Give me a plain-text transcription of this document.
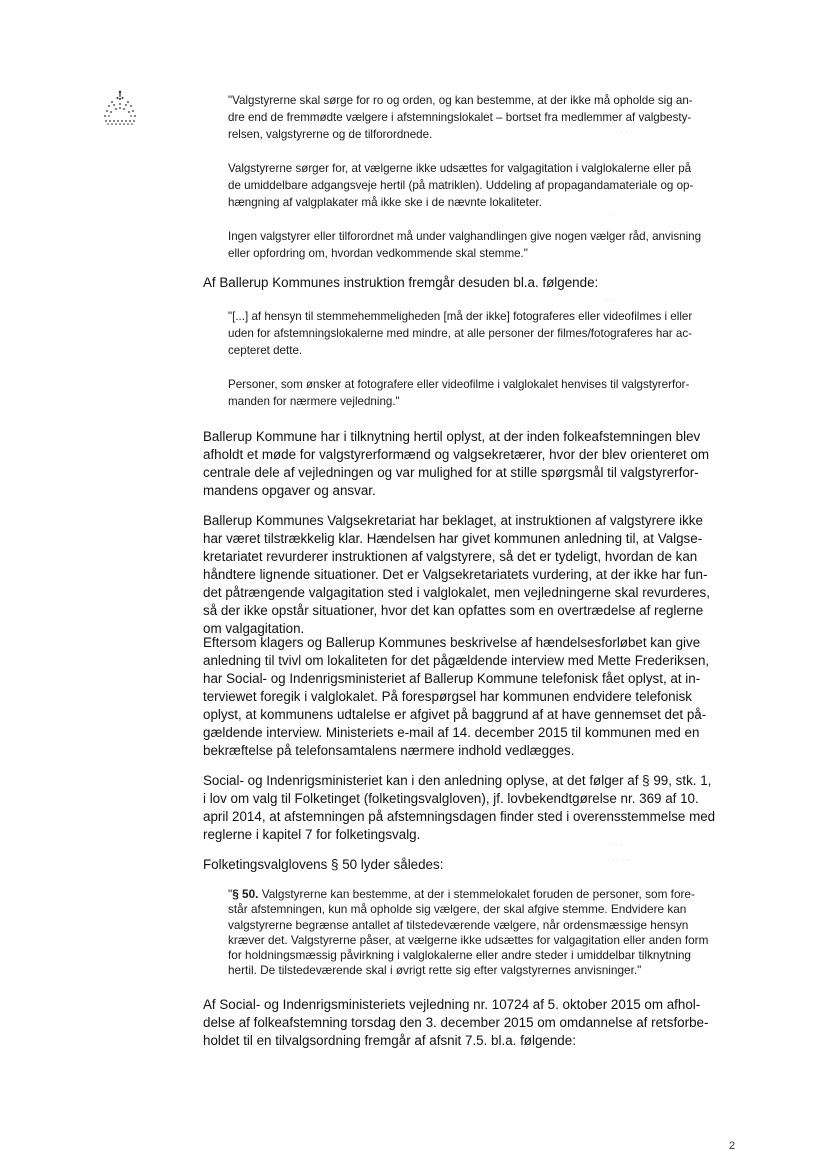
"Valgstyrerne skal sørge for ro og orden, og kan bestemme, at der ikke må opholde sig an-
dre end de fremmødte vælgere i afstemningslokalet – bortset fra medlemmer af valgbesty-
relsen, valgstyrerne og de tilforordnede.

Valgstyrerne sørger for, at vælgerne ikke udsættes for valgagitation i valglokalerne eller på
de umiddelbare adgangsveje hertil (på matriklen). Uddeling af propagandamateriale og op-
hængning af valgplakater må ikke ske i de nævnte lokaliteter.

Ingen valgstyrer eller tilforordnet må under valghandlingen give nogen vælger råd, anvisning
eller opfordring om, hvordan vedkommende skal stemme."

Af Ballerup Kommunes instruktion fremgår desuden bl.a. følgende:

"[...] af hensyn til stemmehemmeligheden [må der ikke] fotograferes eller videofilmes i eller
uden for afstemningslokalerne med mindre, at alle personer der filmes/fotograferes har ac-
cepteret dette.

Personer, som ønsker at fotografere eller videofilme i valglokalet henvises til valgstyrerfor-
manden for nærmere vejledning."

Ballerup Kommune har i tilknytning hertil oplyst, at der inden folkeafstemningen blev
afholdt et møde for valgstyrerformænd og valgsekretærer, hvor der blev orienteret om
centrale dele af vejledningen og var mulighed for at stille spørgsmål til valgstyrerfor-
mandens opgaver og ansvar.

Ballerup Kommunes Valgsekretariat har beklaget, at instruktionen af valgstyrere ikke
har været tilstrækkelig klar. Hændelsen har givet kommunen anledning til, at Valgse-
kretariatet revurderer instruktionen af valgstyrere, så det er tydeligt, hvordan de kan
håndtere lignende situationer. Det er Valgsekretariatets vurdering, at der ikke har fun-
det påtrængende valgagitation sted i valglokalet, men vejledningerne skal revurderes,
så der ikke opstår situationer, hvor det kan opfattes som en overtrædelse af reglerne
om valgagitation.

Eftersom klagers og Ballerup Kommunes beskrivelse af hændelsesforløbet kan give
anledning til tvivl om lokaliteten for det pågældende interview med Mette Frederiksen,
har Social- og Indenrigsministeriet af Ballerup Kommune telefonisk fået oplyst, at in-
terviewet foregik i valglokalet. På forespørgsel har kommunen endvidere telefonisk
oplyst, at kommunens udtalelse er afgivet på baggrund af at have gennemset det på-
gældende interview. Ministeriets e-mail af 14. december 2015 til kommunen med en
bekræftelse på telefonsamtalens nærmere indhold vedlægges.

Social- og Indenrigsministeriet kan i den anledning oplyse, at det følger af § 99, stk. 1,
i lov om valg til Folketinget (folketingsvalgloven), jf. lovbekendtgørelse nr. 369 af 10.
april 2014, at afstemningen på afstemningsdagen finder sted i overensstemmelse med
reglerne i kapitel 7 for folketingsvalg.

Folketingsvalglovens § 50 lyder således:

"§ 50. Valgstyrerne kan bestemme, at der i stemmelokalet foruden de personer, som fore-
står afstemningen, kun må opholde sig vælgere, der skal afgive stemme. Endvidere kan
valgstyrerne begrænse antallet af tilstedeværende vælgere, når ordensmæssige hensyn
kræver det. Valgstyrerne påser, at vælgerne ikke udsættes for valgagitation eller anden form
for holdningsmæssig påvirkning i valglokalerne eller andre steder i umiddelbar tilknytning
hertil. De tilstedeværende skal i øvrigt rette sig efter valgstyrernes anvisninger."

Af Social- og Indenrigsministeriets vejledning nr. 10724 af 5. oktober 2015 om afhol-
delse af folkeafstemning torsdag den 3. december 2015 om omdannelse af retsforbe-
holdet til en tilvalgsordning fremgår af afsnit 7.5. bl.a. følgende:

2
· ·
·
· ·
· · ·
· · · ·
